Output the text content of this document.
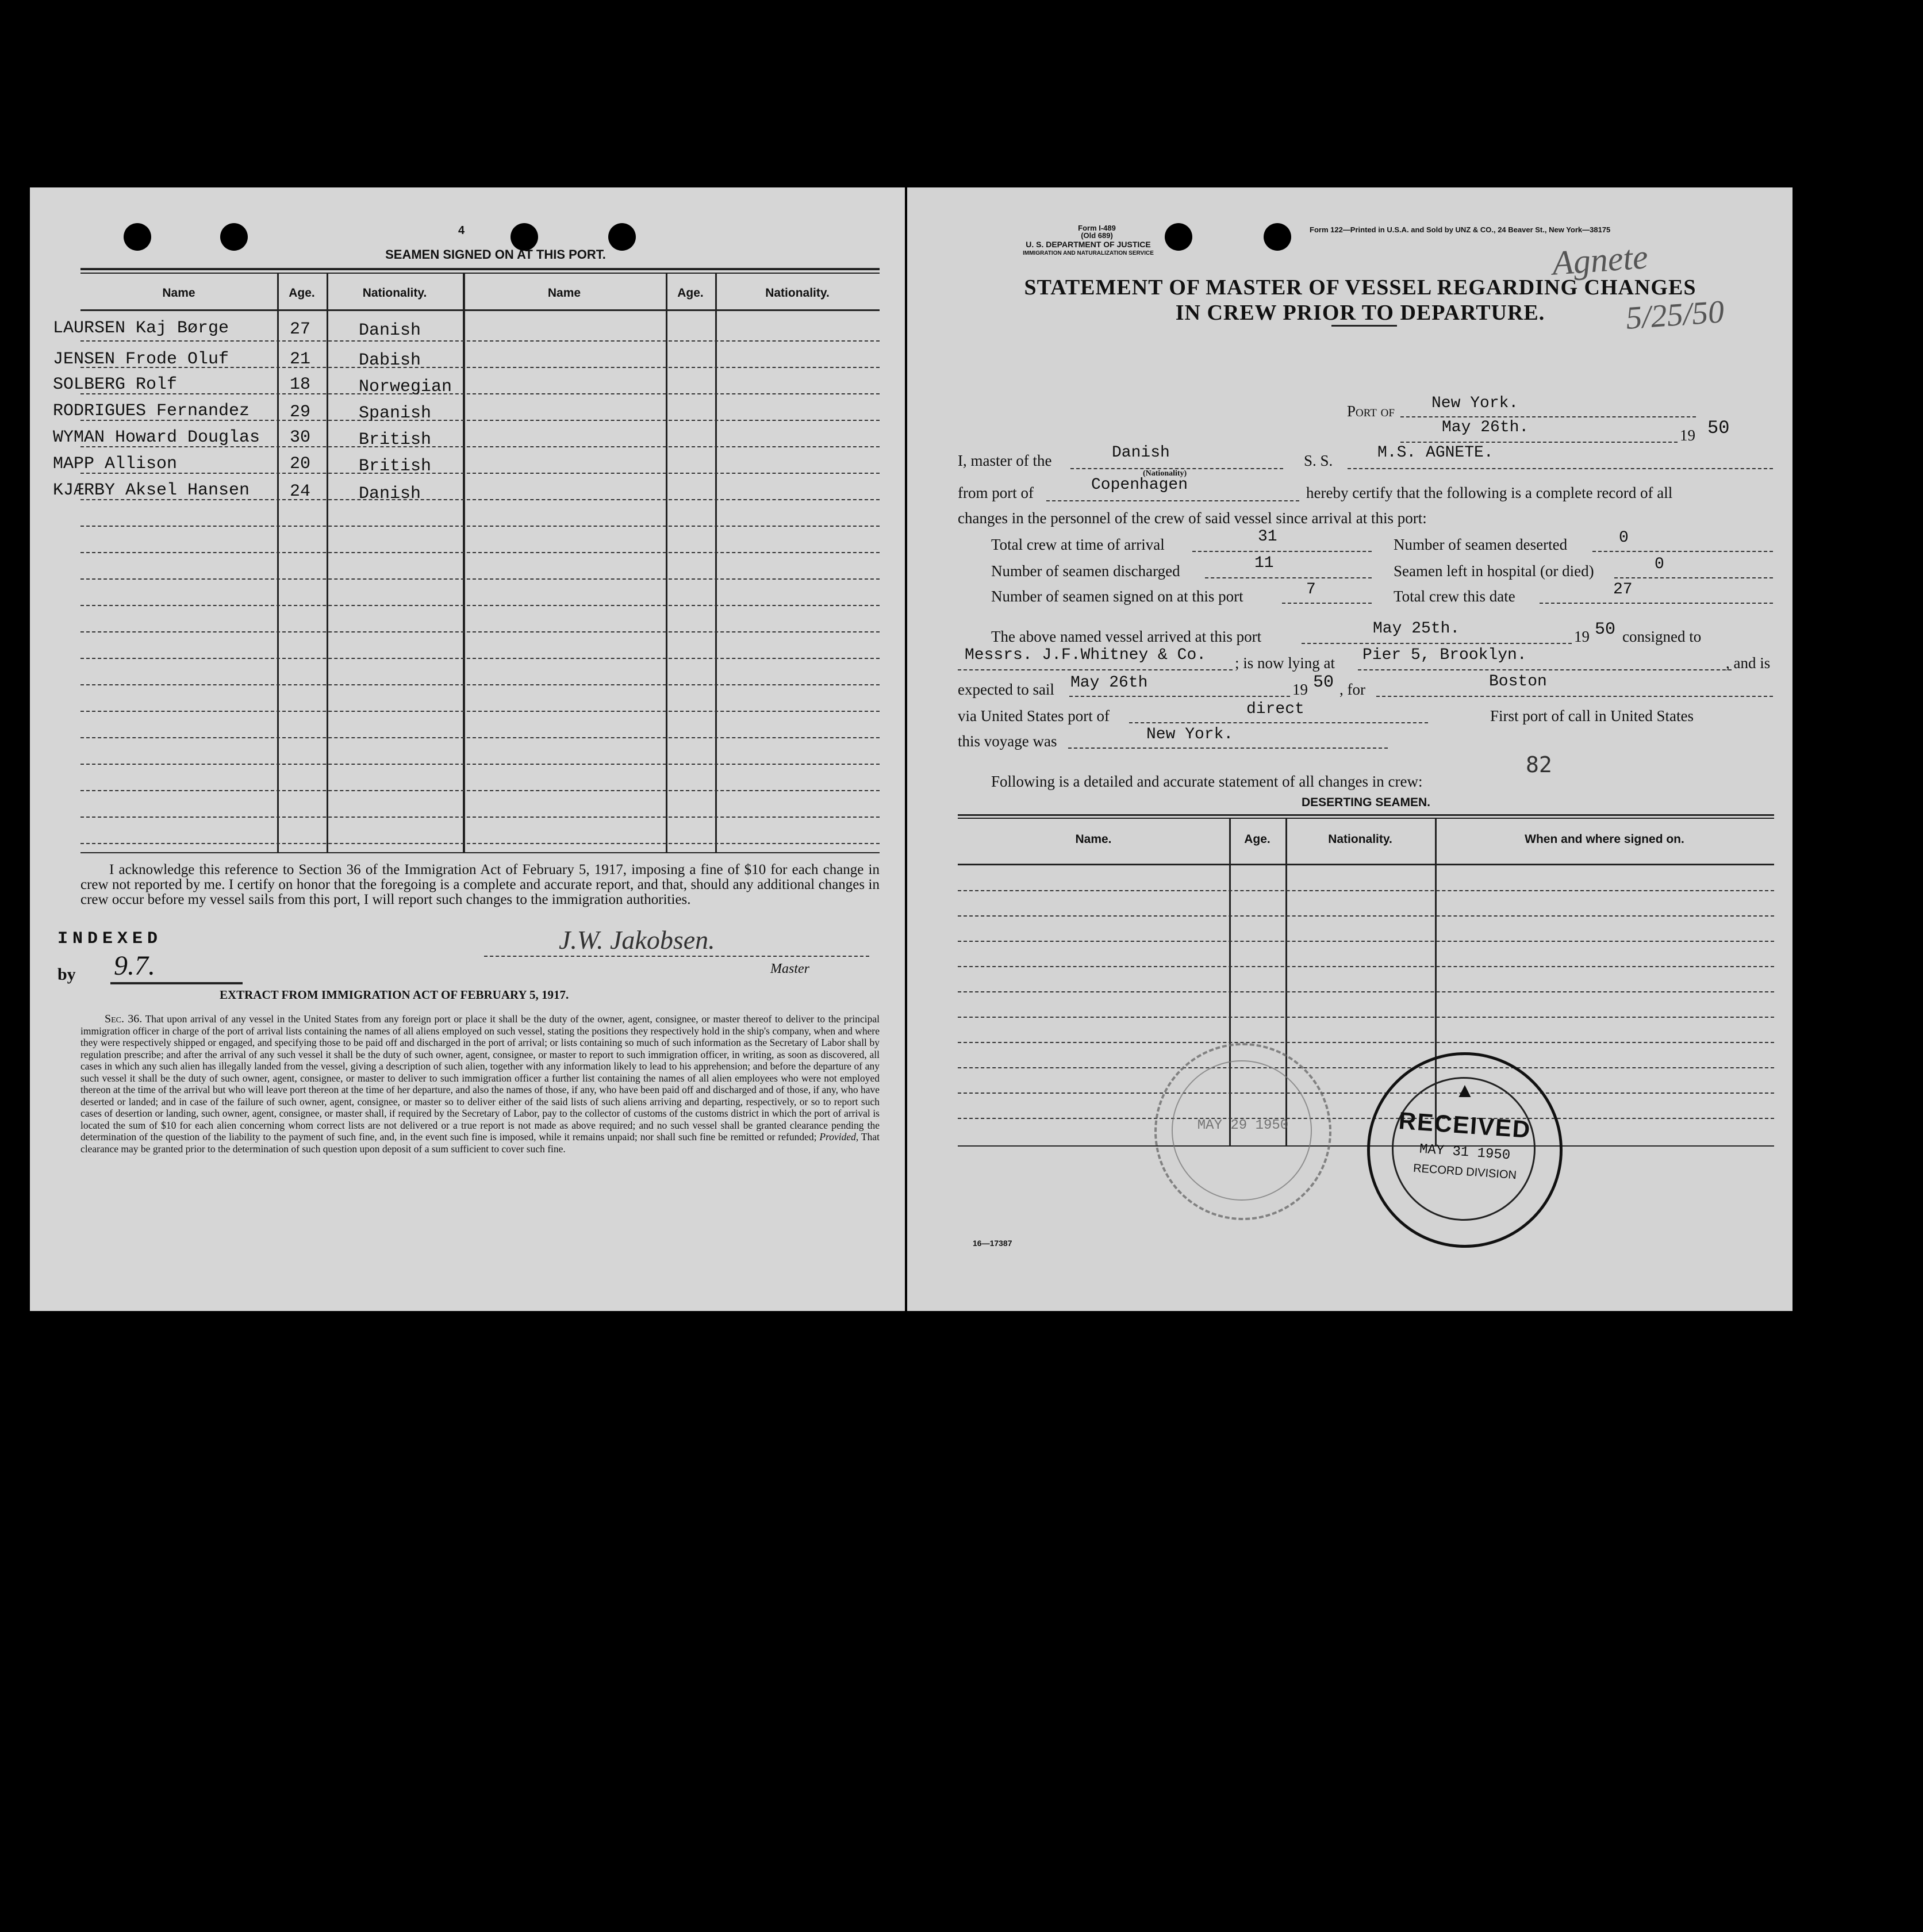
4
SEAMEN SIGNED ON AT THIS PORT.
Name	Age.	Nationality.	Name	Age.	Nationality.
LAURSEN Kaj Børge	27	Danish
JENSEN Frode Oluf	21	Dabish
SOLBERG Rolf	18	Norwegian
RODRIGUES Fernandez 29	Spanish
WYMAN Howard Douglas 30	British
MAPP Allison	20	British
KJÆRBY Aksel Hansen 24	Danish
I acknowledge this reference to Section 36 of the Immigration Act of February 5, 1917, imposing a fine of $10 for each change in crew not reported by me. I certify on honor that the foregoing is a complete and accurate report, and that, should any additional changes in crew occur before my vessel sails from this port, I will report such changes to the immigration authorities.
INDEXED
by 9.7.
J.W. Jakobsen.
Master
EXTRACT FROM IMMIGRATION ACT OF FEBRUARY 5, 1917.
Sec. 36. That upon arrival of any vessel in the United States from any foreign port or place it shall be the duty of the owner, agent, consignee, or master thereof to deliver to the principal immigration officer in charge of the port of arrival lists containing the names of all aliens employed on such vessel, stating the positions they respectively hold in the ship's company, when and where they were respectively shipped or engaged, and specifying those to be paid off and discharged in the port of arrival; or lists containing so much of such information as the Secretary of Labor shall by regulation prescribe; and after the arrival of any such vessel it shall be the duty of such owner, agent, consignee, or master to report to such immigration officer, in writing, as soon as discovered, all cases in which any such alien has illegally landed from the vessel, giving a description of such alien, together with any information likely to lead to his apprehension; and before the departure of any such vessel it shall be the duty of such owner, agent, consignee, or master to deliver to such immigration officer a further list containing the names of all alien employees who were not employed thereon at the time of the arrival but who will leave port thereon at the time of her departure, and also the names of those, if any, who have been paid off and discharged and of those, if any, who have deserted or landed; and in case of the failure of such owner, agent, consignee, or master so to deliver either of the said lists of such aliens arriving and departing, respectively, or so to report such cases of desertion or landing, such owner, agent, consignee, or master shall, if required by the Secretary of Labor, pay to the collector of customs of the customs district in which the port of arrival is located the sum of $10 for each alien concerning whom correct lists are not delivered or a true report is not made as above required; and no such vessel shall be granted clearance pending the determination of the question of the liability to the payment of such fine, and, in the event such fine is imposed, while it remains unpaid; nor shall such fine be remitted or refunded; Provided, That clearance may be granted prior to the determination of such question upon deposit of a sum sufficient to cover such fine.
Form I-489
(Old 689)
U. S. DEPARTMENT OF JUSTICE
IMMIGRATION AND NATURALIZATION SERVICE
Form 122—Printed in U.S.A. and Sold by UNZ & CO., 24 Beaver St., New York—38175
STATEMENT OF MASTER OF VESSEL REGARDING CHANGES
IN CREW PRIOR TO DEPARTURE.
Agnete
5/25/50
Port of New York.
May 26th.	19 50
I, master of the	Danish
(Nationality)
S. S.	M.S. AGNETE.
from port of	Copenhagen	hereby certify that the following is a complete record of all
changes in the personnel of the crew of said vessel since arrival at this port:
Total crew at time of arrival	31	Number of seamen deserted	0
Number of seamen discharged	11	Seamen left in hospital (or died)	0
Number of seamen signed on at this port	7	Total crew this date	27
The above named vessel arrived at this port	May 25th.	19 50 consigned to
Messrs. J.F.Whitney & Co. ; is now lying at Pier 5, Brooklyn.	, and is
expected to sail May 26th	19 50 , for	Boston
via United States port of	direct	First port of call in United States
this voyage was	New York.
82
Following is a detailed and accurate statement of all changes in crew:
DESERTING SEAMEN.
Name.	Age.	Nationality.	When and where signed on.
MAY 29 1950
▲
RECEIVED
MAY 31 1950
RECORD DIVISION
16—17387
